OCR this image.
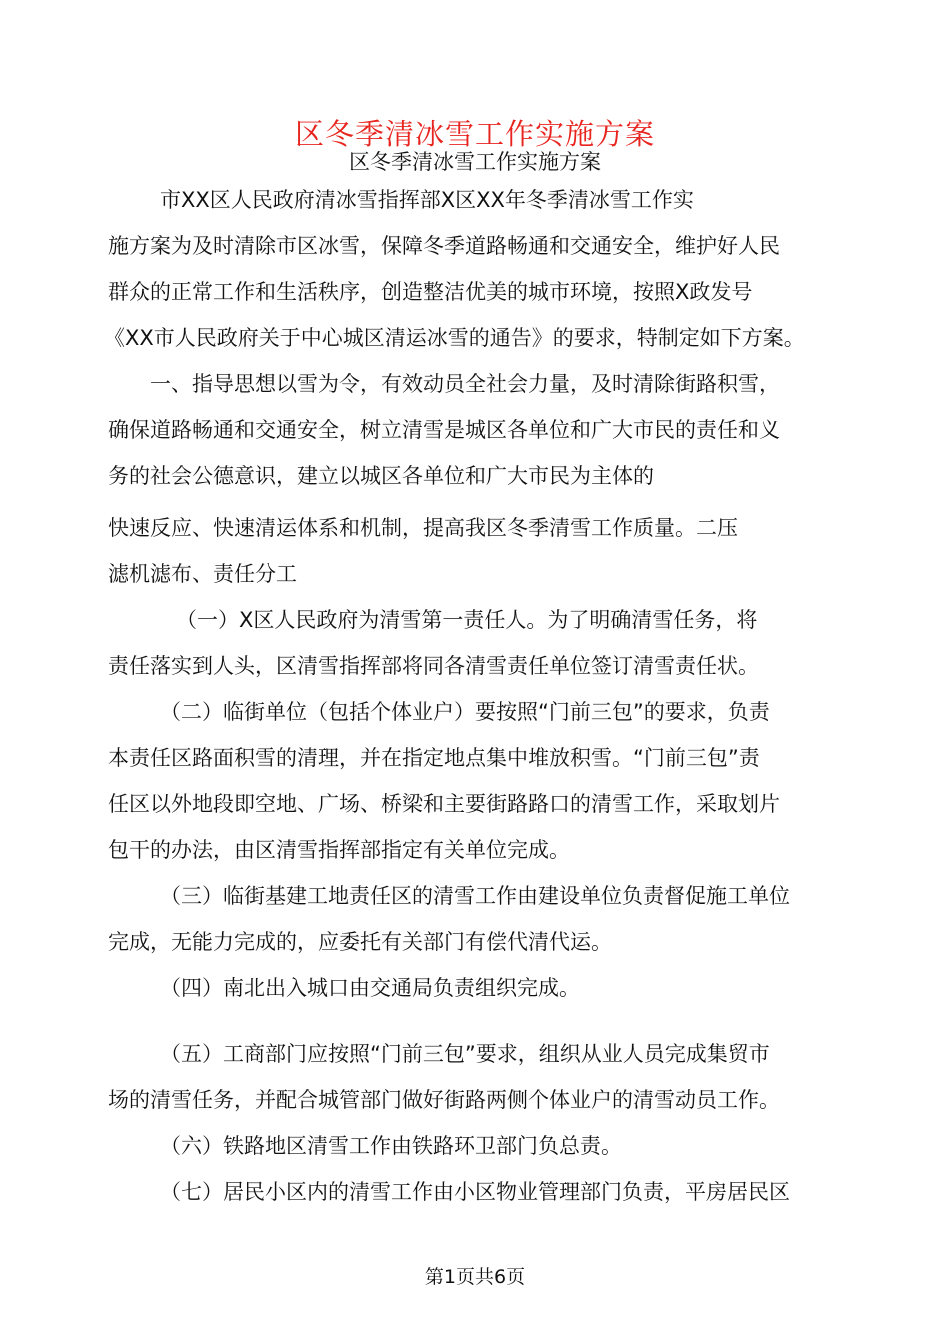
区冬季清冰雪工作实施方案
区冬季清冰雪工作实施方案
市XX区人民政府清冰雪指挥部X区XX年冬季清冰雪工作实
施方案为及时清除市区冰雪，保障冬季道路畅通和交通安全，维护好人民
群众的正常工作和生活秩序，创造整洁优美的城市环境，按照X政发号
《XX市人民政府关于中心城区清运冰雪的通告》的要求，特制定如下方案。
一、指导思想以雪为令，有效动员全社会力量，及时清除街路积雪，
确保道路畅通和交通安全，树立清雪是城区各单位和广大市民的责任和义
务的社会公德意识，建立以城区各单位和广大市民为主体的
快速反应、快速清运体系和机制，提高我区冬季清雪工作质量。二压
滤机滤布、责任分工
（一）X区人民政府为清雪第一责任人。为了明确清雪任务，将
责任落实到人头，区清雪指挥部将同各清雪责任单位签订清雪责任状。
（二）临街单位（包括个体业户）要按照“门前三包”的要求，负责
本责任区路面积雪的清理，并在指定地点集中堆放积雪。“门前三包”责
任区以外地段即空地、广场、桥梁和主要街路路口的清雪工作，采取划片
包干的办法，由区清雪指挥部指定有关单位完成。
（三）临街基建工地责任区的清雪工作由建设单位负责督促施工单位
完成，无能力完成的，应委托有关部门有偿代清代运。
（四）南北出入城口由交通局负责组织完成。
（五）工商部门应按照“门前三包”要求，组织从业人员完成集贸市
场的清雪任务，并配合城管部门做好街路两侧个体业户的清雪动员工作。
（六）铁路地区清雪工作由铁路环卫部门负总责。
（七）居民小区内的清雪工作由小区物业管理部门负责，平房居民区
第1页共6页
